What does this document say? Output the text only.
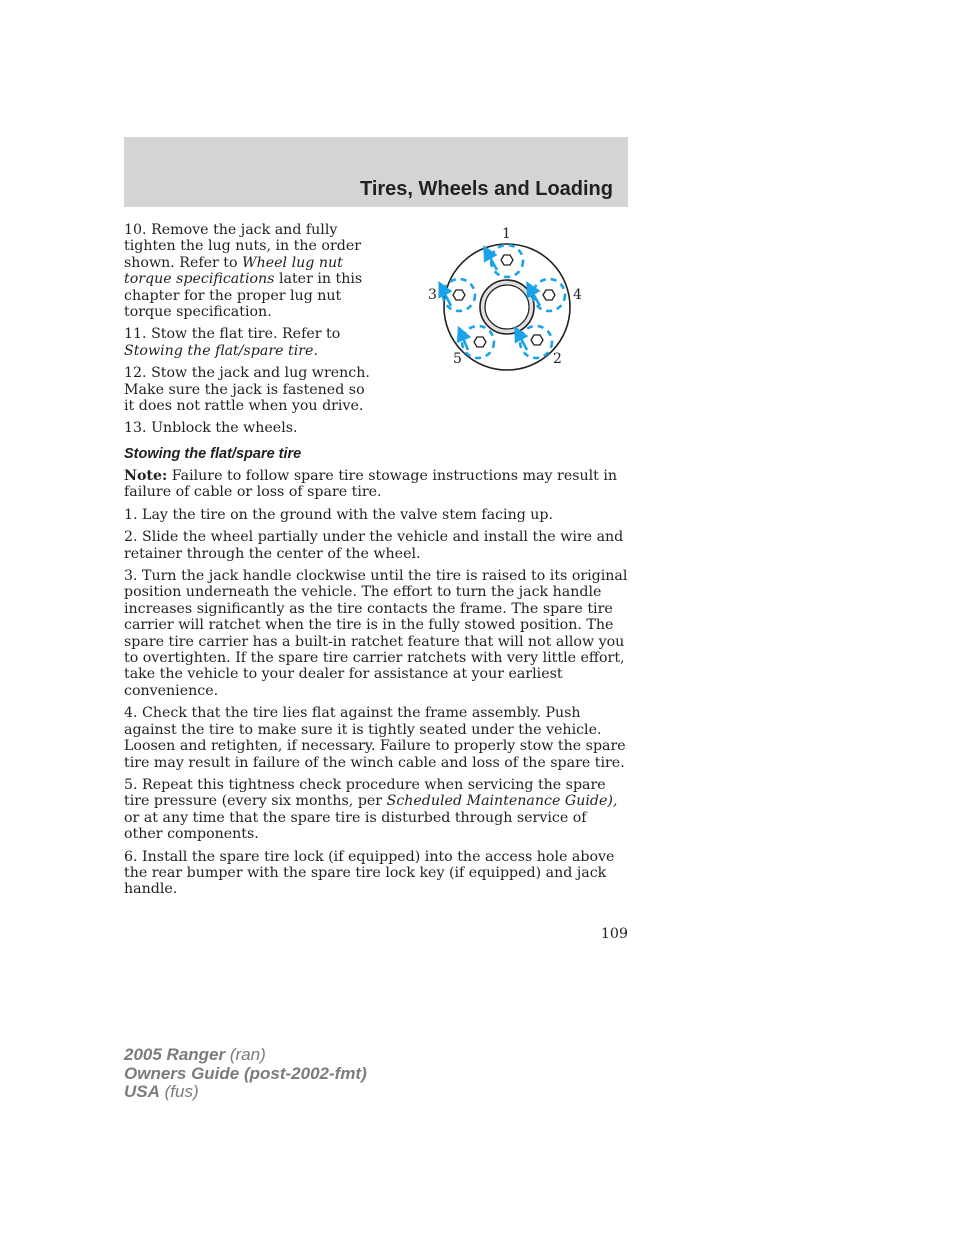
Tires, Wheels and Loading

10. Remove the jack and fully tighten the lug nuts, in the order shown. Refer to Wheel lug nut torque specifications later in this chapter for the proper lug nut torque specification.

11. Stow the flat tire. Refer to Stowing the flat/spare tire.

12. Stow the jack and lug wrench. Make sure the jack is fastened so it does not rattle when you drive.

13. Unblock the wheels.

1
3	4
5	2
Stowing the flat/spare tire

Note: Failure to follow spare tire stowage instructions may result in failure of cable or loss of spare tire.

1. Lay the tire on the ground with the valve stem facing up.

2. Slide the wheel partially under the vehicle and install the wire and retainer through the center of the wheel.

3. Turn the jack handle clockwise until the tire is raised to its original position underneath the vehicle. The effort to turn the jack handle increases significantly as the tire contacts the frame. The spare tire carrier will ratchet when the tire is in the fully stowed position. The spare tire carrier has a built-in ratchet feature that will not allow you to overtighten. If the spare tire carrier ratchets with very little effort, take the vehicle to your dealer for assistance at your earliest convenience.

4. Check that the tire lies flat against the frame assembly. Push against the tire to make sure it is tightly seated under the vehicle. Loosen and retighten, if necessary. Failure to properly stow the spare tire may result in failure of the winch cable and loss of the spare tire.

5. Repeat this tightness check procedure when servicing the spare tire pressure (every six months, per Scheduled Maintenance Guide), or at any time that the spare tire is disturbed through service of other components.

6. Install the spare tire lock (if equipped) into the access hole above the rear bumper with the spare tire lock key (if equipped) and jack handle.

109
2005 Ranger (ran)
Owners Guide (post-2002-fmt)
USA (fus)
